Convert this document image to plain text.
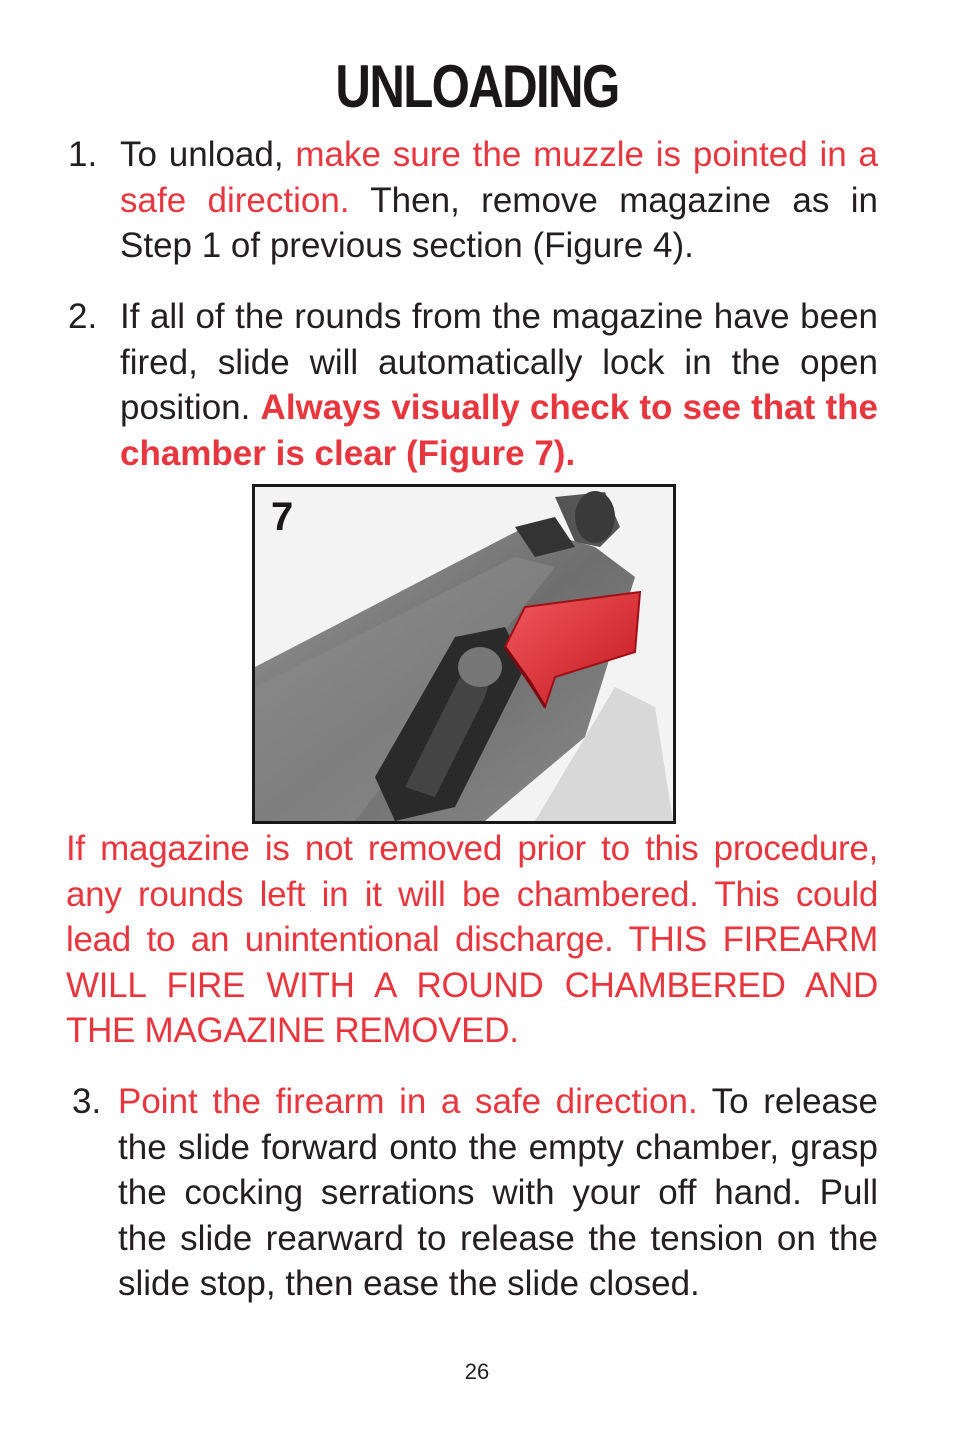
UNLOADING
1. To unload, make sure the muzzle is pointed in a safe direction. Then, remove magazine as in Step 1 of previous section (Figure 4).
2. If all of the rounds from the magazine have been fired, slide will automatically lock in the open position. Always visually check to see that the chamber is clear (Figure 7).
7
If magazine is not removed prior to this procedure, any rounds left in it will be chambered. This could lead to an unintentional discharge. THIS FIREARM WILL FIRE WITH A ROUND CHAMBERED AND THE MAGAZINE REMOVED.
3. Point the firearm in a safe direction. To release the slide forward onto the empty chamber, grasp the cocking serrations with your off hand. Pull the slide rearward to release the tension on the slide stop, then ease the slide closed.
26
